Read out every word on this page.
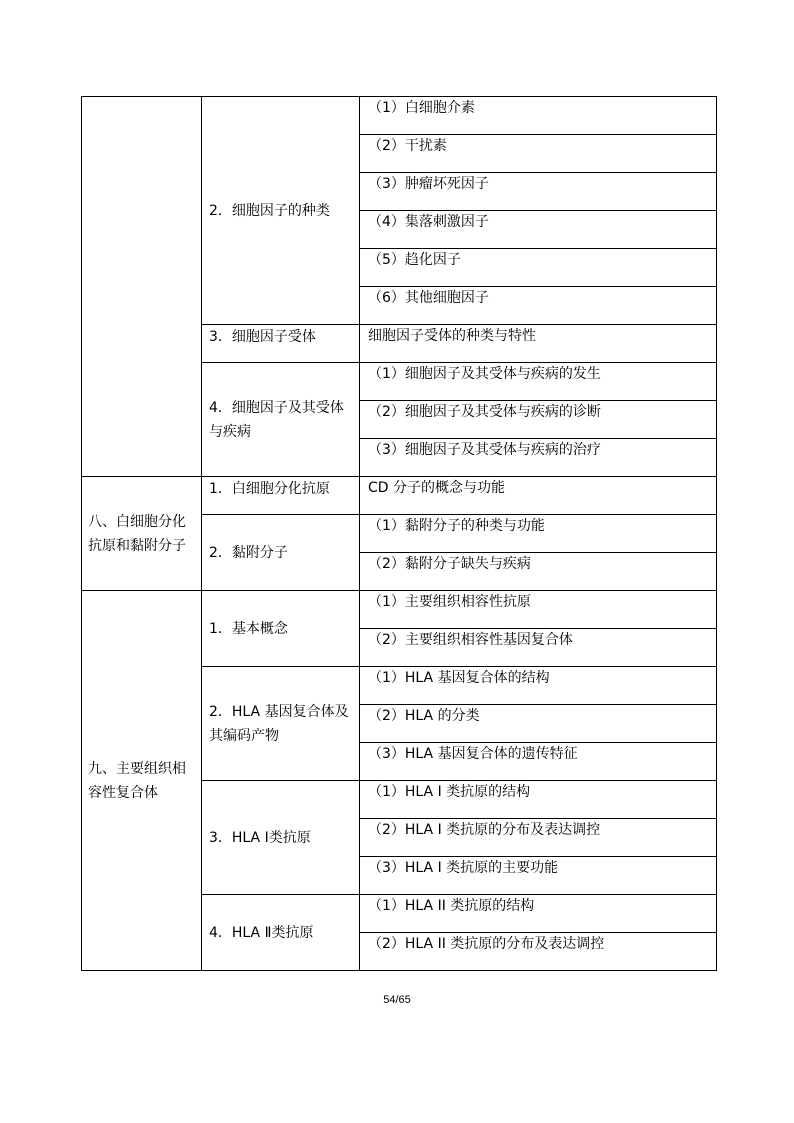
	2．细胞因子的种类	（1）白细胞介素
		（2）干扰素
		（3）肿瘤坏死因子
		（4）集落刺激因子
		（5）趋化因子
		（6）其他细胞因子
	3．细胞因子受体	细胞因子受体的种类与特性
	4．细胞因子及其受体与疾病	（1）细胞因子及其受体与疾病的发生
		（2）细胞因子及其受体与疾病的诊断
		（3）细胞因子及其受体与疾病的治疗
八、白细胞分化抗原和黏附分子	1．白细胞分化抗原	CD 分子的概念与功能
	2．黏附分子	（1）黏附分子的种类与功能
		（2）黏附分子缺失与疾病
九、主要组织相容性复合体	1．基本概念	（1）主要组织相容性抗原
		（2）主要组织相容性基因复合体
	2．HLA 基因复合体及其编码产物	（1）HLA 基因复合体的结构
		（2）HLA 的分类
		（3）HLA 基因复合体的遗传特征
	3．HLA Ⅰ类抗原	（1）HLA I 类抗原的结构
		（2）HLA I 类抗原的分布及表达调控
		（3）HLA I 类抗原的主要功能
	4．HLA Ⅱ类抗原	（1）HLA II 类抗原的结构
		（2）HLA II 类抗原的分布及表达调控
54/65
